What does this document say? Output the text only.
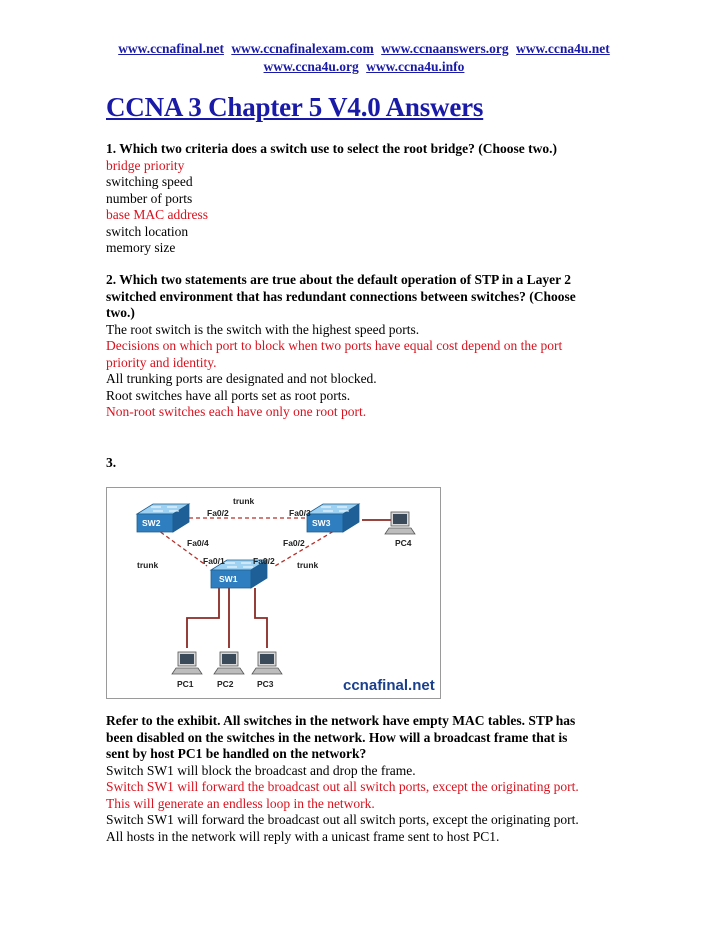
www.ccnafinal.net www.ccnafinalexam.com www.ccnaanswers.org www.ccna4u.net
www.ccna4u.org www.ccna4u.info
CCNA 3 Chapter 5 V4.0 Answers
1. Which two criteria does a switch use to select the root bridge? (Choose two.)
bridge priority
switching speed
number of ports
base MAC address
switch location
memory size
2. Which two statements are true about the default operation of STP in a Layer 2
switched environment that has redundant connections between switches? (Choose
two.)
The root switch is the switch with the highest speed ports.
Decisions on which port to block when two ports have equal cost depend on the port
priority and identity.
All trunking ports are designated and not blocked.
Root switches have all ports set as root ports.
Non-root switches each have only one root port.
3.
SW2	SW3
SW1
trunk
Fa0/2	Fa0/3
Fa0/4	Fa0/2
Fa0/1	Fa0/2
trunk	trunk
PC4
PC1	PC2	PC3	ccnafinal.net
Refer to the exhibit. All switches in the network have empty MAC tables. STP has
been disabled on the switches in the network. How will a broadcast frame that is
sent by host PC1 be handled on the network?
Switch SW1 will block the broadcast and drop the frame.
Switch SW1 will forward the broadcast out all switch ports, except the originating port.
This will generate an endless loop in the network.
Switch SW1 will forward the broadcast out all switch ports, except the originating port.
All hosts in the network will reply with a unicast frame sent to host PC1.
